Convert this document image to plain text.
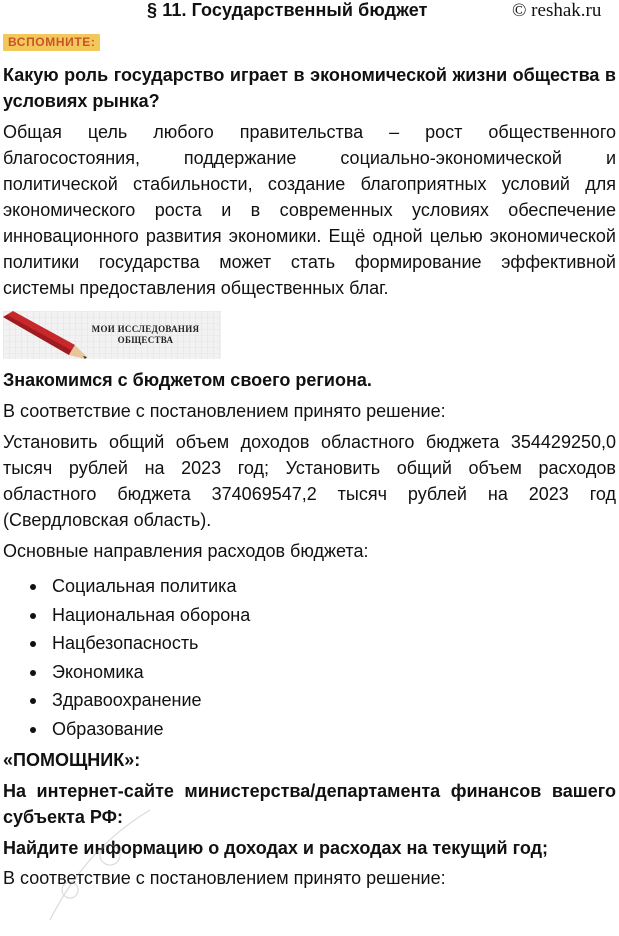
§ 11. Государственный бюджет	© reshak.ru
ВСПОМНИТЕ:

Какую роль государство играет в экономической жизни общества в условиях рынка?

Общая цель любого правительства – рост общественного благосостояния, поддержание социально-экономической и политической стабильности, создание благоприятных условий для экономического роста и в современных условиях обеспечение инновационного развития экономики. Ещё одной целью экономической политики государства может стать формирование эффективной системы предоставления общественных благ.

МОИ ИССЛЕДОВАНИЯ
ОБЩЕСТВА

Знакомимся с бюджетом своего региона.

В соответствие с постановлением принято решение:

Установить общий объем доходов областного бюджета 354429250,0 тысяч рублей на 2023 год; Установить общий объем расходов областного бюджета 374069547,2 тысяч рублей на 2023 год (Свердловская область).

Основные направления расходов бюджета:

Социальная политика
Национальная оборона
Нацбезопасность
Экономика
Здравоохранение
Образование

«ПОМОЩНИК»:

На интернет-сайте министерства/департамента финансов вашего субъекта РФ:

Найдите информацию о доходах и расходах на текущий год;

В соответствие с постановлением принято решение:
